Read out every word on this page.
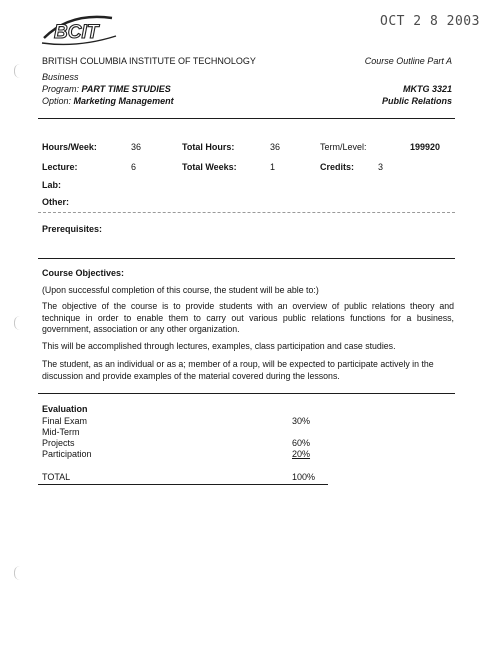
BCIT
OCT 2 8 2003
BRITISH COLUMBIA INSTITUTE OF TECHNOLOGY	Course Outline Part A
Business
Program: PART TIME STUDIES
Option: Marketing Management
MKTG 3321
Public Relations
Hours/Week:	36	Total Hours:	36	Term/Level:	199920
Lecture:	6	Total Weeks:	1	Credits:	3
Lab:
Other:
Prerequisites:
Course Objectives:
(Upon successful completion of this course, the student will be able to:)
The objective of the course is to provide students with an overview of public relations theory and technique in order to enable them to carry out various public relations functions for a business, government, association or any other organization.
This will be accomplished through lectures, examples, class participation and case studies.
The student, as an individual or as a; member of a roup, will be expected to participate actively in the discussion and provide examples of the material covered during the lessons.
Evaluation
Final Exam	30%
Mid-Term
Projects	60%
Participation	20%
TOTAL	100%
